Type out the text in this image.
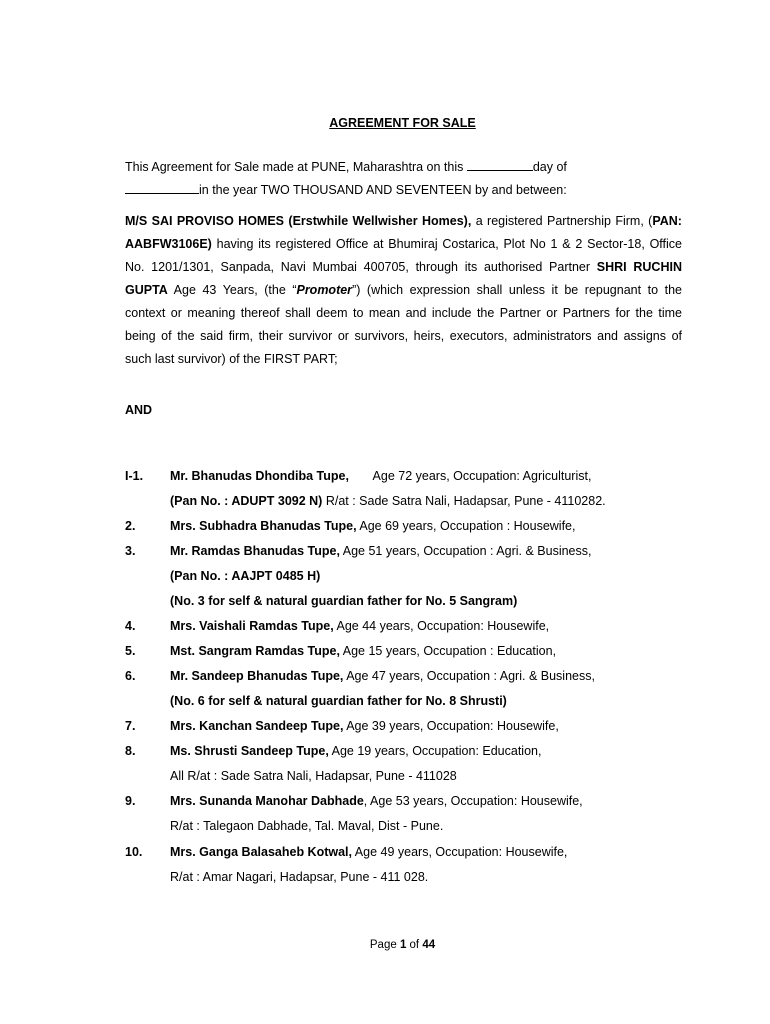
AGREEMENT FOR SALE
This Agreement for Sale made at PUNE, Maharashtra on this	day of
in the year TWO THOUSAND AND SEVENTEEN by and between:
M/S SAI PROVISO HOMES (Erstwhile Wellwisher Homes), a registered Partnership Firm, (PAN: AABFW3106E) having its registered Office at Bhumiraj Costarica, Plot No 1 & 2 Sector-18, Office No. 1201/1301, Sanpada, Navi Mumbai 400705, through its authorised Partner SHRI RUCHIN GUPTA Age 43 Years, (the “Promoter”) (which expression shall unless it be repugnant to the context or meaning thereof shall deem to mean and include the Partner or Partners for the time being of the said firm, their survivor or survivors, heirs, executors, administrators and assigns of such last survivor) of the FIRST PART;
AND
I-1. Mr. Bhanudas Dhondiba Tupe,       Age 72 years, Occupation: Agriculturist,
(Pan No. : ADUPT 3092 N) R/at : Sade Satra Nali, Hadapsar, Pune - 4110282.
2.	Mrs. Subhadra Bhanudas Tupe, Age 69 years, Occupation : Housewife,
3.	Mr. Ramdas Bhanudas Tupe, Age 51 years, Occupation : Agri. & Business,
(Pan No. : AAJPT 0485 H)
(No. 3 for self & natural guardian father for No. 5 Sangram)
4.	Mrs. Vaishali Ramdas Tupe, Age 44 years, Occupation: Housewife,
5.	Mst. Sangram Ramdas Tupe, Age 15 years, Occupation : Education,
6.	Mr. Sandeep Bhanudas Tupe, Age 47 years, Occupation : Agri. & Business,
(No. 6 for self & natural guardian father for No. 8 Shrusti)
7.	Mrs. Kanchan Sandeep Tupe, Age 39 years, Occupation: Housewife,
8.	Ms. Shrusti Sandeep Tupe, Age 19 years, Occupation: Education,
All R/at : Sade Satra Nali, Hadapsar, Pune - 411028
9.	Mrs. Sunanda Manohar Dabhade, Age 53 years, Occupation: Housewife,
R/at : Talegaon Dabhade, Tal. Maval, Dist - Pune.
10. Mrs. Ganga Balasaheb Kotwal, Age 49 years, Occupation: Housewife,
R/at : Amar Nagari, Hadapsar, Pune - 411 028.
Page 1 of 44
